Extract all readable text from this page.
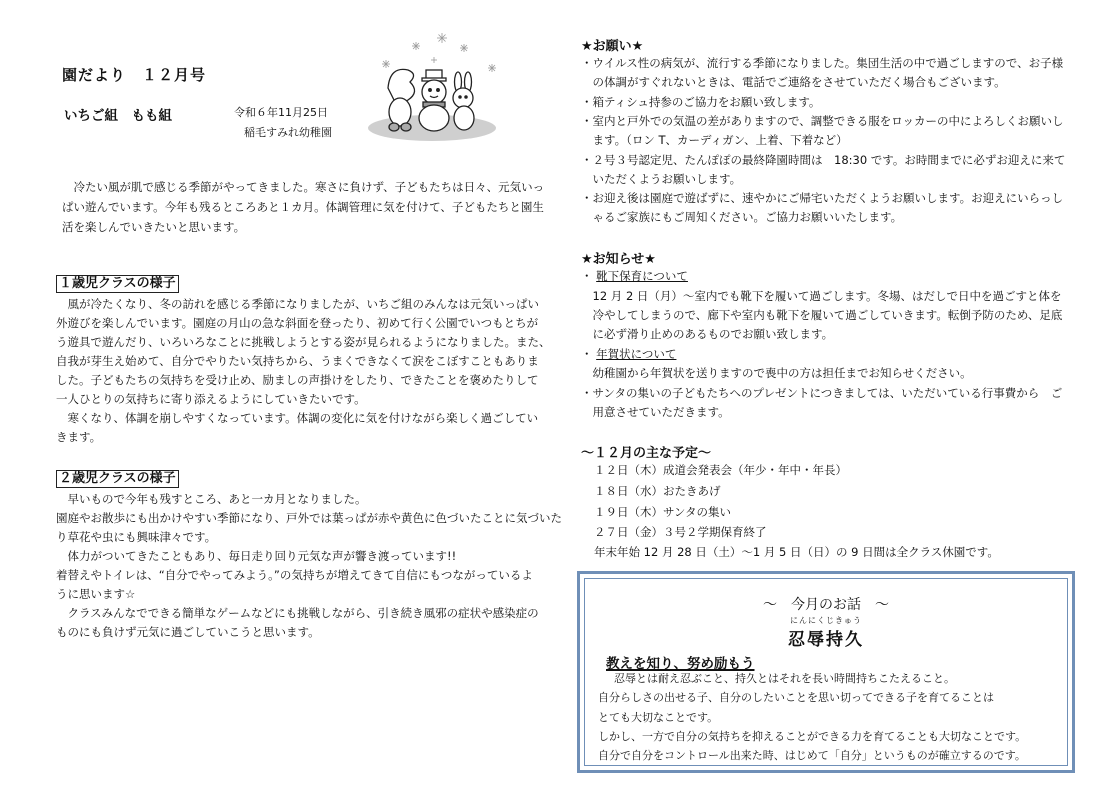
園だより　１２月号
いちご組　もも組	令和６年11月25日
稲毛すみれ幼稚園
　冷たい風が肌で感じる季節がやってきました。寒さに負けず、子どもたちは日々、元気いっ
ぱい遊んでいます。今年も残るところあと１カ月。体調管理に気を付けて、子どもたちと園生
活を楽しんでいきたいと思います。
１歳児クラスの様子
　風が冷たくなり、冬の訪れを感じる季節になりましたが、いちご組のみんなは元気いっぱい
外遊びを楽しんでいます。園庭の月山の急な斜面を登ったり、初めて行く公園でいつもとちが
う遊具で遊んだり、いろいろなことに挑戦しようとする姿が見られるようになりました。また、
自我が芽生え始めて、自分でやりたい気持ちから、うまくできなくて涙をこぼすこともありま
した。子どもたちの気持ちを受け止め、励ましの声掛けをしたり、できたことを褒めたりして
一人ひとりの気持ちに寄り添えるようにしていきたいです。
　寒くなり、体調を崩しやすくなっています。体調の変化に気を付けながら楽しく過ごしてい
きます。
２歳児クラスの様子
　早いもので今年も残すところ、あと一カ月となりました。
園庭やお散歩にも出かけやすい季節になり、戸外では葉っぱが赤や黄色に色づいたことに気づいた
り草花や虫にも興味津々です。
　体力がついてきたこともあり、毎日走り回り元気な声が響き渡っています!!
着替えやトイレは、“自分でやってみよう。”の気持ちが増えてきて自信にもつながっているよ
うに思います☆
　クラスみんなでできる簡単なゲームなどにも挑戦しながら、引き続き風邪の症状や感染症の
ものにも負けず元気に過ごしていこうと思います。
★お願い★
・ウイルス性の病気が、流行する季節になりました。集団生活の中で過ごしますので、お子様
　の体調がすぐれないときは、電話でご連絡をさせていただく場合もございます。
・箱ティシュ持参のご協力をお願い致します。
・室内と戸外での気温の差がありますので、調整できる服をロッカーの中によろしくお願いし
　ます。（ロン T、カーディガン、上着、下着など）
・２号３号認定児、たんぽぽの最終降園時間は　18:30 です。お時間までに必ずお迎えに来て
　いただくようお願いします。
・お迎え後は園庭で遊ばずに、速やかにご帰宅いただくようお願いします。お迎えにいらっし
　ゃるご家族にもご周知ください。ご協力お願いいたします。
★お知らせ★
・ 靴下保育について
　12 月 2 日（月）～室内でも靴下を履いて過ごします。冬場、はだしで日中を過ごすと体を
　冷やしてしまうので、廊下や室内も靴下を履いて過ごしていきます。転倒予防のため、足底
　に必ず滑り止めのあるものでお願い致します。
・ 年賀状について
　幼稚園から年賀状を送りますので喪中の方は担任までお知らせください。
・サンタの集いの子どもたちへのプレゼントにつきましては、いただいている行事費から　ご
　用意させていただきます。
～１２月の主な予定～
１２日（木）成道会発表会（年少・年中・年長）
１８日（水）おたきあげ
１９日（木）サンタの集い
２７日（金）３号２学期保育終了
年末年始 12 月 28 日（土）～1 月 5 日（日）の 9 日間は全クラス休園です。
～　今月のお話　～
にんにくじきゅう
忍辱持久
教えを知り、努め励もう
忍辱とは耐え忍ぶこと、持久とはそれを長い時間持ちこたえること。
自分らしさの出せる子、自分のしたいことを思い切ってできる子を育てることは
とても大切なことです。
しかし、一方で自分の気持ちを抑えることができる力を育てることも大切なことです。
自分で自分をコントロール出来た時、はじめて「自分」というものが確立するのです。
